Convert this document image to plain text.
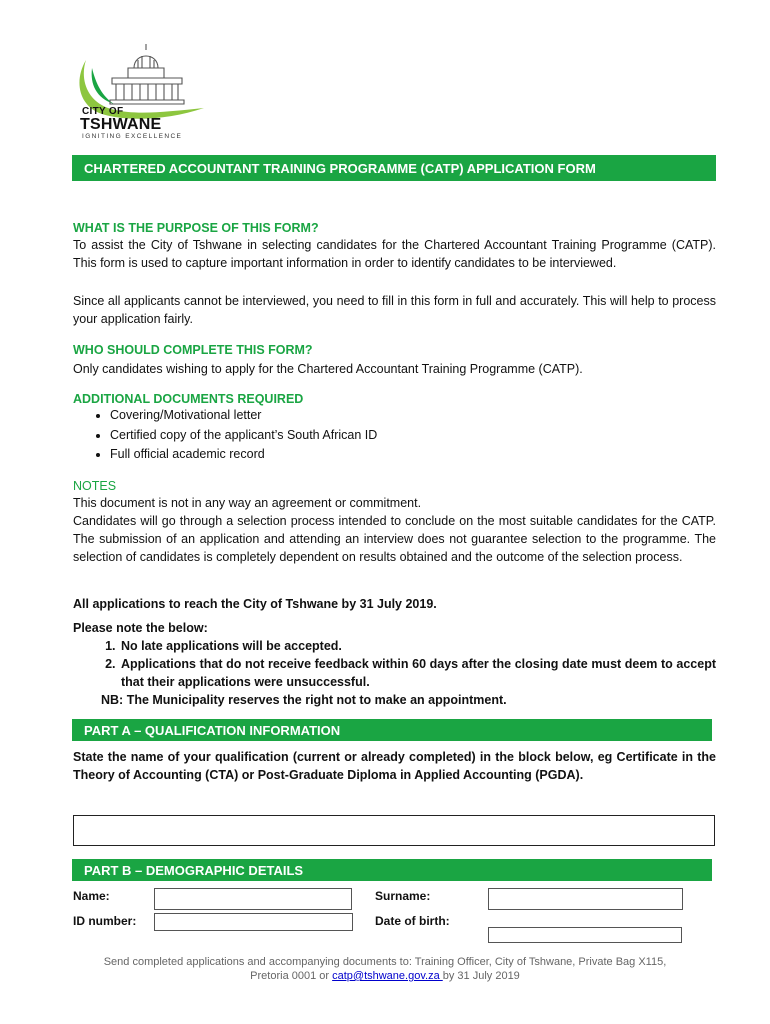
CITY OF
TSHWANE
IGNITING EXCELLENCE
CHARTERED ACCOUNTANT TRAINING PROGRAMME (CATP) APPLICATION FORM
WHAT IS THE PURPOSE OF THIS FORM?
To assist the City of Tshwane in selecting candidates for the Chartered Accountant Training Programme (CATP). This form is used to capture important information in order to identify candidates to be interviewed.
Since all applicants cannot be interviewed, you need to fill in this form in full and accurately. This will help to process your application fairly.
WHO SHOULD COMPLETE THIS FORM?
Only candidates wishing to apply for the Chartered Accountant Training Programme (CATP).
ADDITIONAL DOCUMENTS REQUIRED
• Covering/Motivational letter
• Certified copy of the applicant’s South African ID
• Full official academic record
NOTES
This document is not in any way an agreement or commitment.
Candidates will go through a selection process intended to conclude on the most suitable candidates for the CATP. The submission of an application and attending an interview does not guarantee selection to the programme. The selection of candidates is completely dependent on results obtained and the outcome of the selection process.
All applications to reach the City of Tshwane by 31 July 2019.
Please note the below:
1. No late applications will be accepted.
2. Applications that do not receive feedback within 60 days after the closing date must deem to accept that their applications were unsuccessful.
NB: The Municipality reserves the right not to make an appointment.
PART A – QUALIFICATION INFORMATION
State the name of your qualification (current or already completed) in the block below, eg Certificate in the Theory of Accounting (CTA) or Post-Graduate Diploma in Applied Accounting (PGDA).
PART B – DEMOGRAPHIC DETAILS
Name:	Surname:
ID number:	Date of birth:
Send completed applications and accompanying documents to: Training Officer, City of Tshwane, Private Bag X115, Pretoria 0001 or catp@tshwane.gov.za by 31 July 2019
